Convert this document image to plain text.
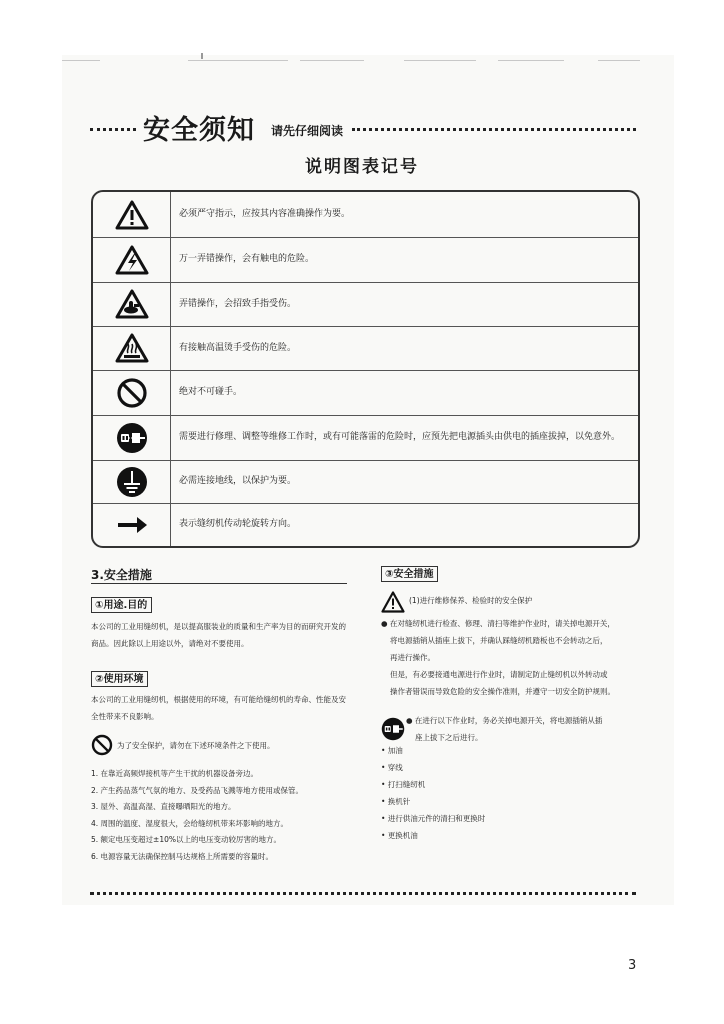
安全须知 请先仔细阅读
说明图表记号
必须严守指示，应按其内容准确操作为要。
万一弄错操作，会有触电的危险。
弄错操作，会招致手指受伤。
有接触高温烫手受伤的危险。
绝对不可碰手。
需要进行修理、调整等维修工作时，或有可能落雷的危险时，应预先把电源插头由供电的插座拔掉，以免意外。
必需连接地线，以保护为要。
表示缝纫机传动轮旋转方向。
3.安全措施
①用途.目的
本公司的工业用缝纫机，是以提高服装业的质量和生产率为目的而研究开发的商品。因此除以上用途以外，请绝对不要使用。
②使用环境
本公司的工业用缝纫机，根据使用的环境，有可能给缝纫机的寿命、性能及安全性带来不良影响。
为了安全保护，请勿在下述环境条件之下使用。
1. 在靠近高频焊接机等产生干扰的机器设备旁边。
2. 产生药品蒸气气氛的地方、及受药品飞溅等地方使用或保管。
3. 屋外、高温高湿、直接曝晒阳光的地方。
4. 周围的温度、湿度很大，会给缝纫机带来坏影响的地方。
5. 额定电压变超过±10%以上的电压变动较厉害的地方。
6. 电源容量无法确保控制马达规格上所需要的容量时。
③安全措施
(1)进行维修保养、检验时的安全保护
● 在对缝纫机进行检查、修理、清扫等维护作业时，请关掉电源开关，
将电源插销从插座上拔下，并确认踩缝纫机踏板也不会转动之后，
再进行操作。
但是，有必要接通电源进行作业时，请制定防止缝纫机以外转动或
操作者错误而导致危险的安全操作准则，并遵守一切安全防护规则。
● 在进行以下作业时，务必关掉电源开关，将电源插销从插
座上拔下之后进行。
• 加油
• 穿线
• 打扫缝纫机
• 换机针
• 进行供油元件的清扫和更换时
• 更换机油
3
